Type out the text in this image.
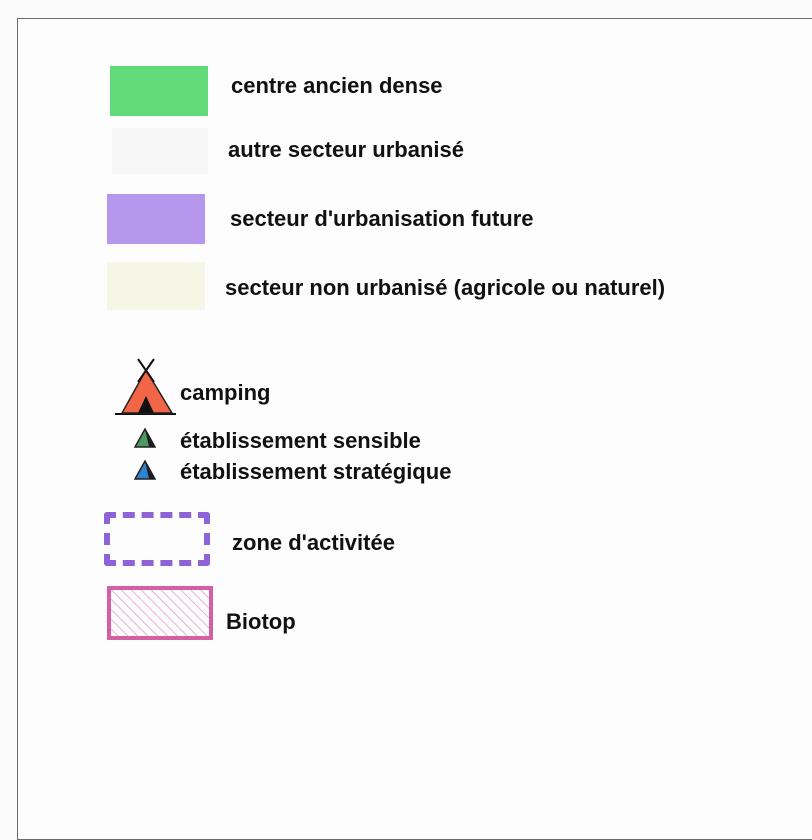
centre ancien dense
autre secteur urbanisé
secteur d'urbanisation future
secteur non urbanisé (agricole ou naturel)
camping
établissement sensible
établissement stratégique
zone d'activitée
Biotop
